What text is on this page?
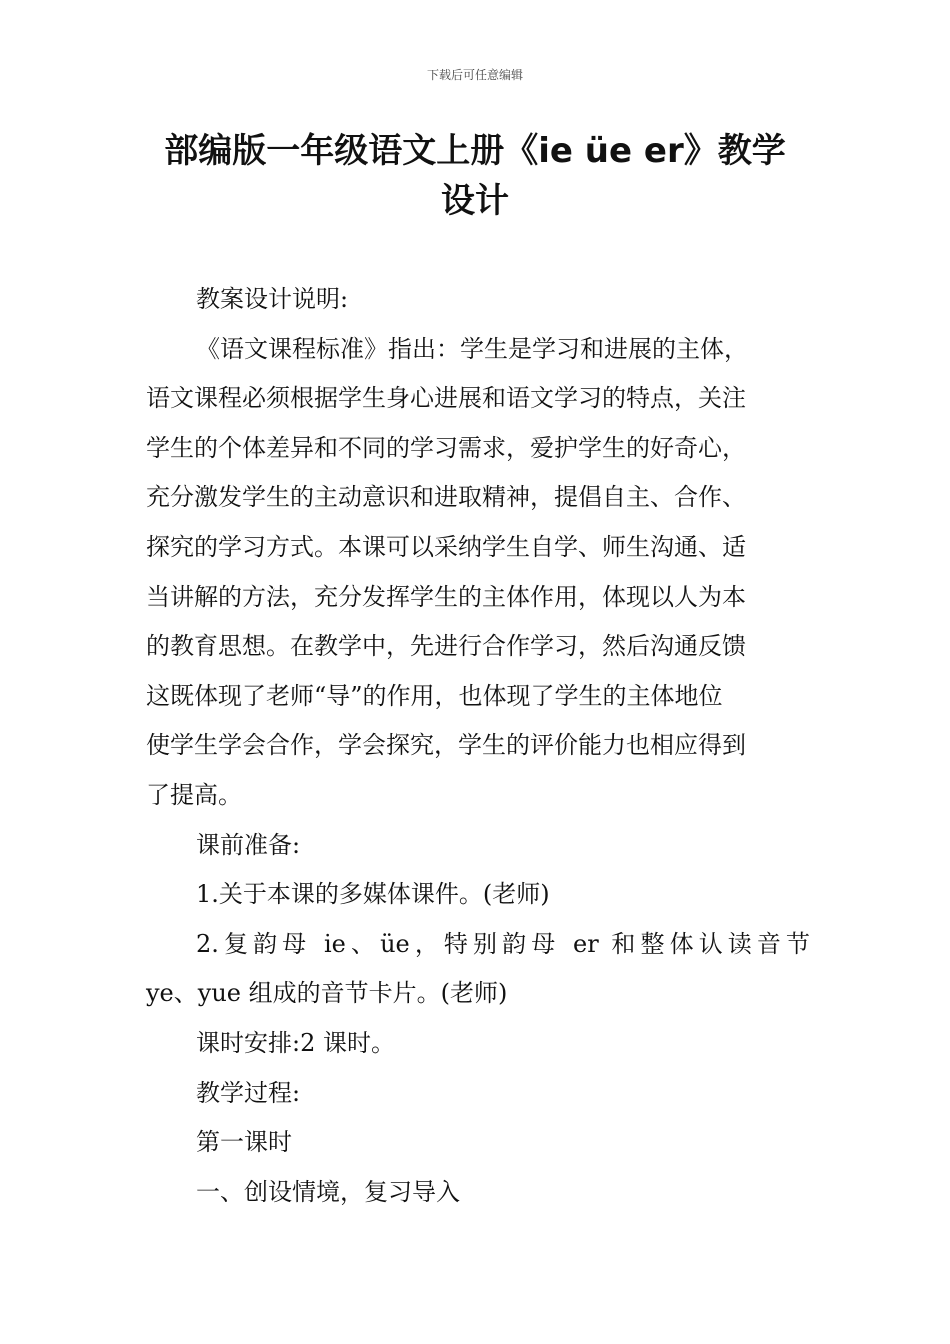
下载后可任意编辑
部编版一年级语文上册《ie üe er》教学
设计

教案设计说明:

《语文课程标准》指出：学生是学习和进展的主体，
语文课程必须根据学生身心进展和语文学习的特点，关注
学生的个体差异和不同的学习需求，爱护学生的好奇心，
充分激发学生的主动意识和进取精神，提倡自主、合作、
探究的学习方式。本课可以采纳学生自学、师生沟通、适
当讲解的方法，充分发挥学生的主体作用，体现以人为本
的教育思想。在教学中，先进行合作学习，然后沟通反馈
这既体现了老师“导”的作用，也体现了学生的主体地位
使学生学会合作，学会探究，学生的评价能力也相应得到
了提高。

课前准备:

1.关于本课的多媒体课件。(老师)

2.复韵母 ie、üe，特别韵母 er 和整体认读音节
ye、yue 组成的音节卡片。(老师)

课时安排:2 课时。

教学过程:

第一课时

一、创设情境，复习导入
